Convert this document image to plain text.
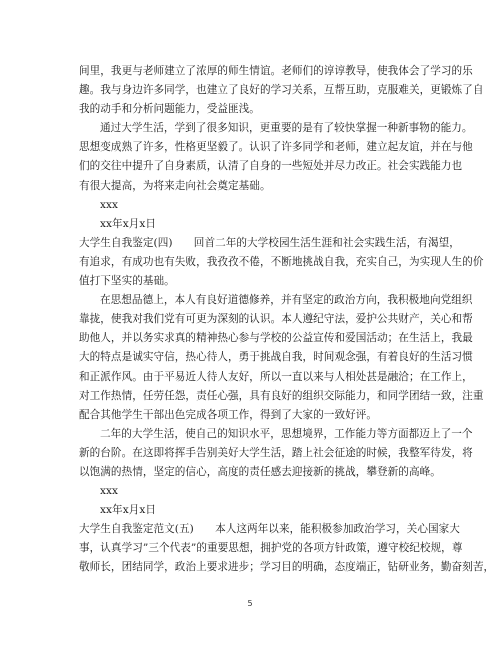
间里，我更与老师建立了浓厚的师生情谊。老师们的谆谆教导，使我体会了学习的乐
趣。我与身边许多同学，也建立了良好的学习关系，互帮互助，克服难关，更锻炼了自
我的动手和分析问题能力，受益匪浅。
通过大学生活，学到了很多知识，更重要的是有了较快掌握一种新事物的能力。
思想变成熟了许多，性格更坚毅了。认识了许多同学和老师，建立起友谊，并在与他
们的交往中提升了自身素质，认清了自身的一些短处并尽力改正。社会实践能力也
有很大提高，为将来走向社会奠定基础。
xxx
xx年x月x日
大学生自我鉴定(四)　　回首二年的大学校园生活生涯和社会实践生活，有渴望，
有追求，有成功也有失败，我孜孜不倦，不断地挑战自我，充实自己，为实现人生的价
值打下坚实的基础。
在思想品德上，本人有良好道德修养，并有坚定的政治方向，我积极地向党组织
靠拢，使我对我们党有可更为深刻的认识。本人遵纪守法，爱护公共财产，关心和帮
助他人，并以务实求真的精神热心参与学校的公益宣传和爱国活动；在生活上，我最
大的特点是诚实守信，热心待人，勇于挑战自我，时间观念强，有着良好的生活习惯
和正派作风。由于平易近人待人友好，所以一直以来与人相处甚是融洽；在工作上，
对工作热情，任劳任怨，责任心强，具有良好的组织交际能力，和同学团结一致，注重
配合其他学生干部出色完成各项工作，得到了大家的一致好评。
二年的大学生活，使自己的知识水平，思想境界，工作能力等方面都迈上了一个
新的台阶。在这即将挥手告别美好大学生活，踏上社会征途的时候，我整军待发，将
以饱满的热情，坚定的信心，高度的责任感去迎接新的挑战，攀登新的高峰。
xxx
xx年x月x日
大学生自我鉴定范文(五)　　本人这两年以来，能积极参加政治学习，关心国家大
事，认真学习”三个代表”的重要思想，拥护党的各项方针政策，遵守校纪校规，尊
敬师长，团结同学，政治上要求进步；学习目的明确，态度端正，钻研业务，勤奋刻苦，
5
